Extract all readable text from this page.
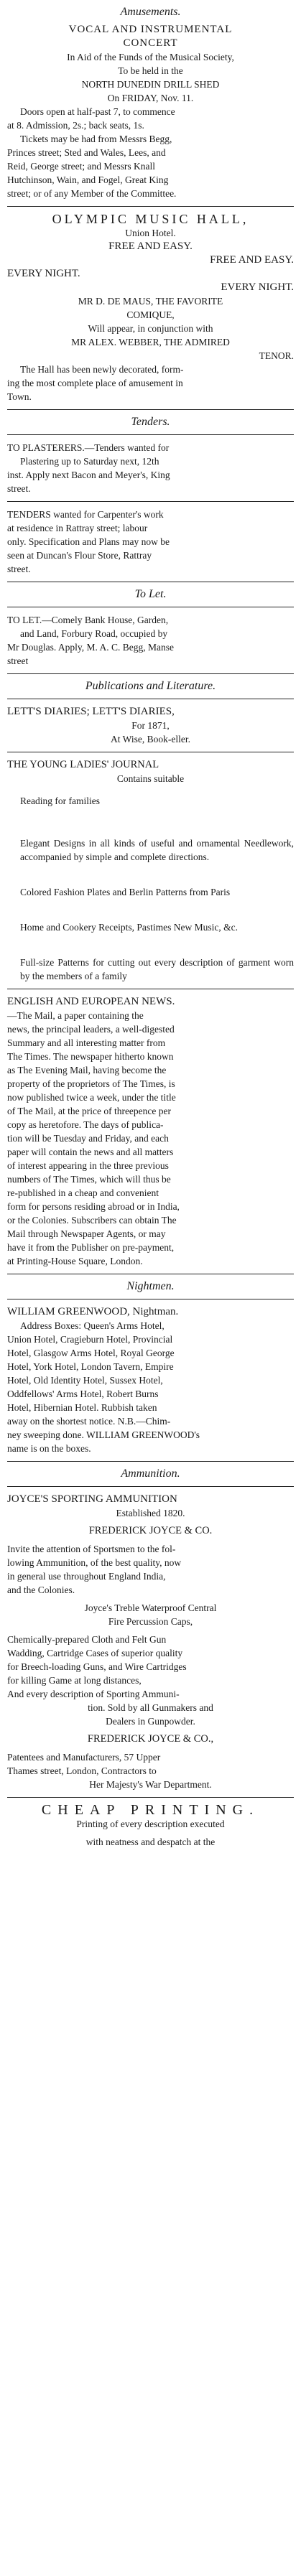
Amusements.

VOCAL AND INSTRUMENTAL

CONCERT

In Aid of the Funds of the Musical Society,

To be held in the

NORTH DUNEDIN DRILL SHED

On FRIDAY, Nov. 11.

Doors open at half-past 7, to commence

at 8. Admission, 2s.; back seats, 1s.

Tickets may be had from Messrs Begg,

Princes street; Sted and Wales, Lees, and

Reid, George street; and Messrs Knall

Hutchinson, Wain, and Fogel, Great King

street; or of any Member of the Committee.

OLYMPIC MUSIC HALL,

Union Hotel.

FREE AND EASY.

FREE AND EASY.

EVERY NIGHT.

EVERY NIGHT.

MR D. DE MAUS, THE FAVORITE

COMIQUE,

Will appear, in conjunction with

MR ALEX. WEBBER, THE ADMIRED

TENOR.

The Hall has been newly decorated, form-

ing the most complete place of amusement in

Town.

Tenders.

TO PLASTERERS.—Tenders wanted for

Plastering up to Saturday next, 12th

inst. Apply next Bacon and Meyer's, King

street.

TENDERS wanted for Carpenter's work

at residence in Rattray street; labour

only. Specification and Plans may now be

seen at Duncan's Flour Store, Rattray

street.

To Let.

TO LET.—Comely Bank House, Garden,

and Land, Forbury Road, occupied by

Mr Douglas. Apply, M. A. C. Begg, Manse

street

Publications and Literature.

LETT'S DIARIES; LETT'S DIARIES,

For 1871,

At Wise, Book-eller.

THE YOUNG LADIES' JOURNAL

Contains suitable

Reading for families

Elegant Designs in all kinds of useful and ornamental Needlework, accompanied by simple and complete directions.

Colored Fashion Plates and Berlin Patterns from Paris

Home and Cookery Receipts, Pastimes New Music, &c.

Full-size Patterns for cutting out every description of garment worn by the members of a family

ENGLISH AND EUROPEAN NEWS.

—The Mail, a paper containing the

news, the principal leaders, a well-digested

Summary and all interesting matter from

The Times. The newspaper hitherto known

as The Evening Mail, having become the

property of the proprietors of The Times, is

now published twice a week, under the title

of The Mail, at the price of threepence per

copy as heretofore. The days of publica-

tion will be Tuesday and Friday, and each

paper will contain the news and all matters

of interest appearing in the three previous

numbers of The Times, which will thus be

re-published in a cheap and convenient

form for persons residing abroad or in India,

or the Colonies. Subscribers can obtain The

Mail through Newspaper Agents, or may

have it from the Publisher on pre-payment,

at Printing-House Square, London.

Nightmen.

WILLIAM GREENWOOD, Nightman.

Address Boxes: Queen's Arms Hotel,

Union Hotel, Cragieburn Hotel, Provincial

Hotel, Glasgow Arms Hotel, Royal George

Hotel, York Hotel, London Tavern, Empire

Hotel, Old Identity Hotel, Sussex Hotel,

Oddfellows' Arms Hotel, Robert Burns

Hotel, Hibernian Hotel. Rubbish taken

away on the shortest notice. N.B.—Chim-

ney sweeping done. WILLIAM GREENWOOD's

name is on the boxes.

Ammunition.

JOYCE'S SPORTING AMMUNITION

Established 1820.

FREDERICK JOYCE & CO.

Invite the attention of Sportsmen to the fol-

lowing Ammunition, of the best quality, now

in general use throughout England India,

and the Colonies.

Joyce's Treble Waterproof Central

Fire Percussion Caps,

Chemically-prepared Cloth and Felt Gun

Wadding, Cartridge Cases of superior quality

for Breech-loading Guns, and Wire Cartridges

for killing Game at long distances,

And every description of Sporting Ammuni-

tion. Sold by all Gunmakers and

Dealers in Gunpowder.

FREDERICK JOYCE & CO.,

Patentees and Manufacturers, 57 Upper

Thames street, London, Contractors to

Her Majesty's War Department.

CHEAP PRINTING.

Printing of every description executed

with neatness and despatch at the
